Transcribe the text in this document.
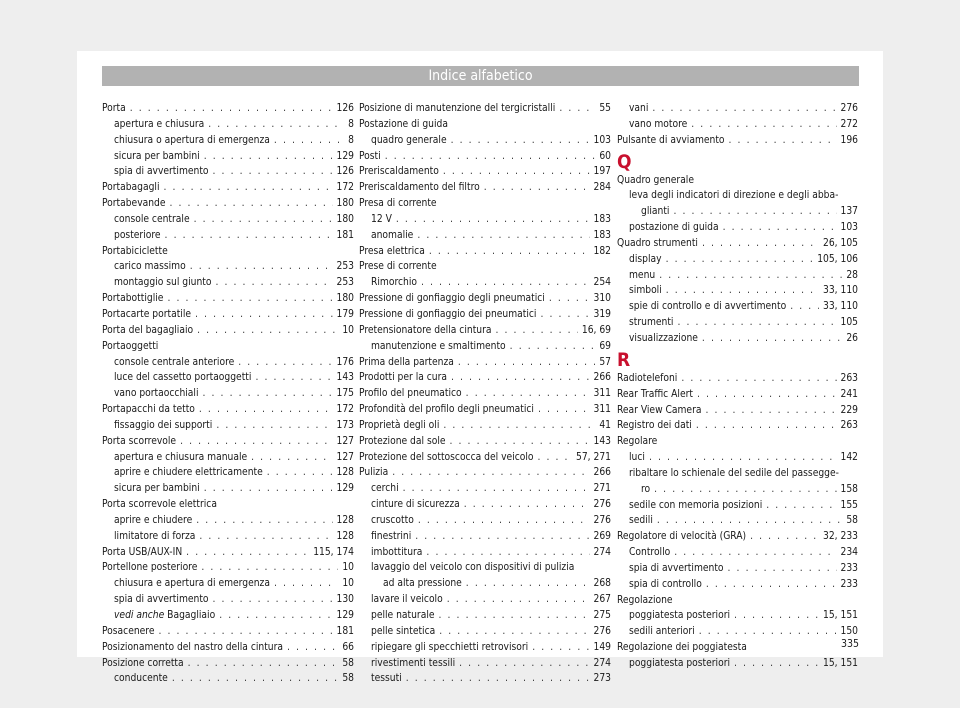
Indice alfabetico
Porta . . .	126
apertura e chiusura . . .	8
chiusura o apertura di emergenza . . .	8
sicura per bambini . . .	129
spia di avvertimento . . .	126
Portabagagli . . .	172
Portabevande . . .	180
console centrale . . .	180
posteriore . . .	181
Portabiciclette
carico massimo . . .	253
montaggio sul giunto . . .	253
Portabottiglie . . .	180
Portacarte portatile . . .	179
Porta del bagagliaio . . .	10
Portaoggetti
console centrale anteriore . . .	176
luce del cassetto portaoggetti . . .	143
vano portaocchiali . . .	175
Portapacchi da tetto . . .	172
fissaggio dei supporti . . .	173
Porta scorrevole . . .	127
apertura e chiusura manuale . . .	127
aprire e chiudere elettricamente . . .	128
sicura per bambini . . .	129
Porta scorrevole elettrica
aprire e chiudere . . .	128
limitatore di forza . . .	128
Porta USB/AUX-IN . . .	115, 174
Portellone posteriore . . .	10
chiusura e apertura di emergenza . . .	10
spia di avvertimento . . .	130
vedi anche Bagagliaio . . .	129
Posacenere . . .	181
Posizionamento del nastro della cintura . . .	66
Posizione corretta . . .	58
conducente . . .	58
Posizione di manutenzione del tergicristalli . . .	55
Postazione di guida
quadro generale . . .	103
Posti . . .	60
Preriscaldamento . . .	197
Preriscaldamento del filtro . . .	284
Presa di corrente
12 V . . .	183
anomalie . . .	183
Presa elettrica . . .	182
Prese di corrente
Rimorchio . . .	254
Pressione di gonfiaggio degli pneumatici . . .	310
Pressione di gonfiaggio dei pneumatici . . .	319
Pretensionatore della cintura . . .	16, 69
manutenzione e smaltimento . . .	69
Prima della partenza . . .	57
Prodotti per la cura . . .	266
Profilo del pneumatico . . .	311
Profondità del profilo degli pneumatici . . .	311
Proprietà degli oli . . .	41
Protezione dal sole . . .	143
Protezione del sottoscocca del veicolo . . .	57, 271
Pulizia . . .	266
cerchi . . .	271
cinture di sicurezza . . .	276
cruscotto . . .	276
finestrini . . .	269
imbottitura . . .	274
lavaggio del veicolo con dispositivi di pulizia
ad alta pressione . . .	268
lavare il veicolo . . .	267
pelle naturale . . .	275
pelle sintetica . . .	276
ripiegare gli specchietti retrovisori . . .	149
rivestimenti tessili . . .	274
tessuti . . .	273
vani . . .	276
vano motore . . .	272
Pulsante di avviamento . . .	196
Q
Quadro generale
leva degli indicatori di direzione e degli abba-
glianti . . .	137
postazione di guida . . .	103
Quadro strumenti . . .	26, 105
display . . .	105, 106
menu . . .	28
simboli . . .	33, 110
spie di controllo e di avvertimento . . .	33, 110
strumenti . . .	105
visualizzazione . . .	26
R
Radiotelefoni . . .	263
Rear Traffic Alert . . .	241
Rear View Camera . . .	229
Registro dei dati . . .	263
Regolare
luci . . .	142
ribaltare lo schienale del sedile del passegge-
ro . . .	158
sedile con memoria posizioni . . .	155
sedili . . .	58
Regolatore di velocità (GRA) . . .	32, 233
Controllo . . .	234
spia di avvertimento . . .	233
spia di controllo . . .	233
Regolazione
poggiatesta posteriori . . .	15, 151
sedili anteriori . . .	150
Regolazione dei poggiatesta
poggiatesta posteriori . . .	15, 151
335
